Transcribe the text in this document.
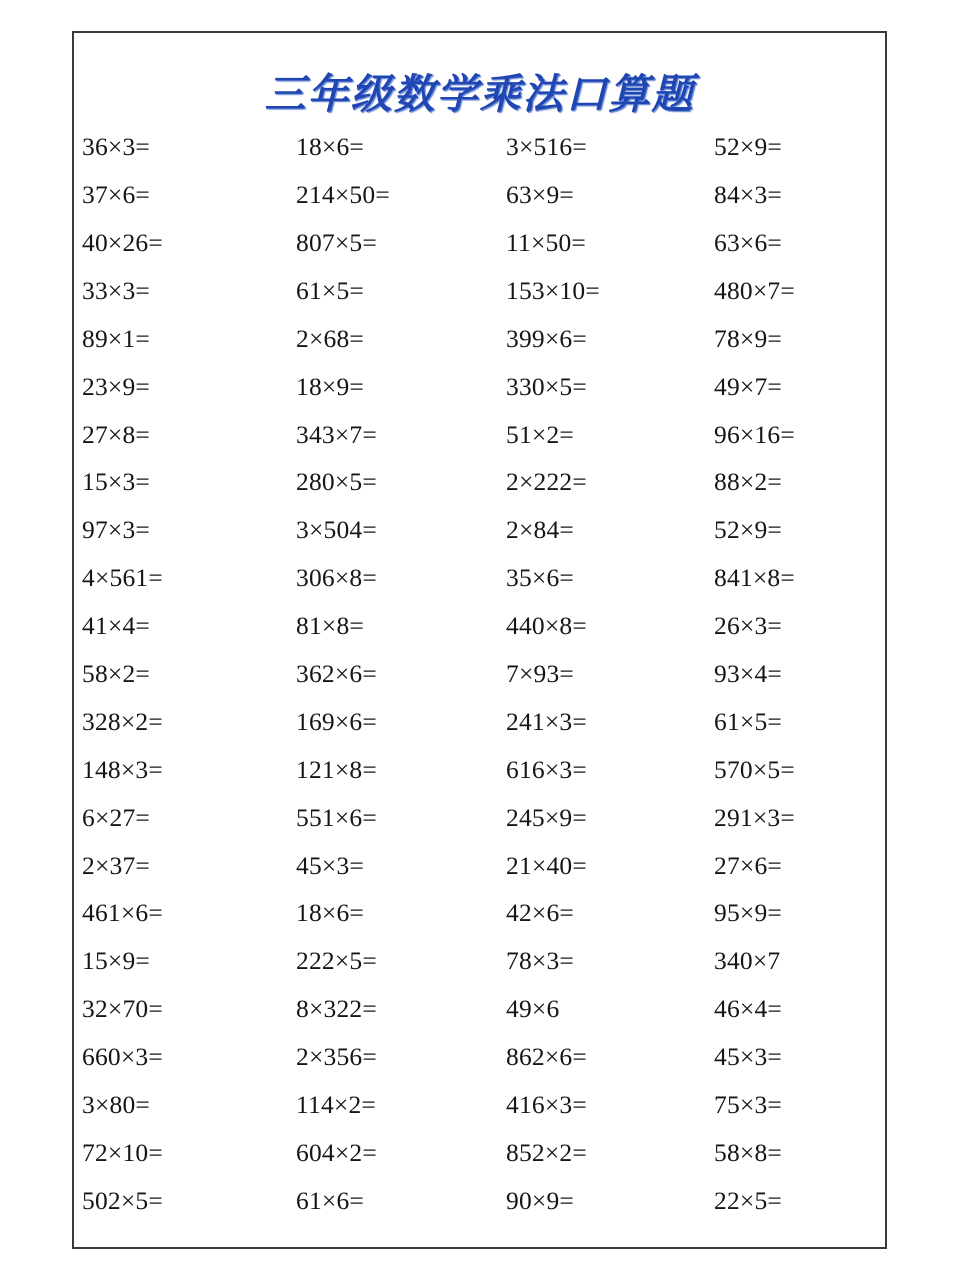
三年级数学乘法口算题
36×3=	18×6=	3×516=	52×9=
37×6=	214×50=	63×9=	84×3=
40×26=	807×5=	11×50=	63×6=
33×3=	61×5=	153×10=	480×7=
89×1=	2×68=	399×6=	78×9=
23×9=	18×9=	330×5=	49×7=
27×8=	343×7=	51×2=	96×16=
15×3=	280×5=	2×222=	88×2=
97×3=	3×504=	2×84=	52×9=
4×561=	306×8=	35×6=	841×8=
41×4=	81×8=	440×8=	26×3=
58×2=	362×6=	7×93=	93×4=
328×2=	169×6=	241×3=	61×5=
148×3=	121×8=	616×3=	570×5=
6×27=	551×6=	245×9=	291×3=
2×37=	45×3=	21×40=	27×6=
461×6=	18×6=	42×6=	95×9=
15×9=	222×5=	78×3=	340×7
32×70=	8×322=	49×6	46×4=
660×3=	2×356=	862×6=	45×3=
3×80=	114×2=	416×3=	75×3=
72×10=	604×2=	852×2=	58×8=
502×5=	61×6=	90×9=	22×5=
